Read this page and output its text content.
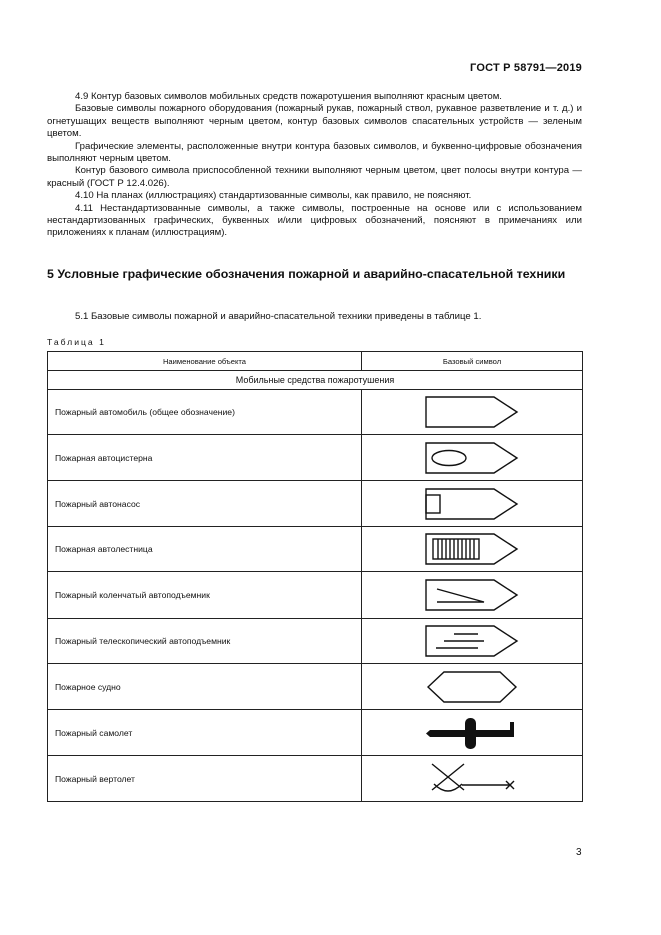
ГОСТ Р 58791—2019

4.9 Контур базовых символов мобильных средств пожаротушения выполняют красным цветом.

Базовые символы пожарного оборудования (пожарный рукав, пожарный ствол, рукавное разветвление и т. д.) и огнетушащих веществ выполняют черным цветом, контур базовых символов спасательных устройств — зеленым цветом.

Графические элементы, расположенные внутри контура базовых символов, и буквенно-цифровые обозначения выполняют черным цветом.

Контур базового символа приспособленной техники выполняют черным цветом, цвет полосы внутри контура — красный (ГОСТ Р 12.4.026).

4.10 На планах (иллюстрациях) стандартизованные символы, как правило, не поясняют.

4.11 Нестандартизованные символы, а также символы, построенные на основе или с использованием нестандартизованных графических, буквенных и/или цифровых обозначений, поясняют в примечаниях или приложениях к планам (иллюстрациям).

5 Условные графические обозначения пожарной и аварийно-спасательной техники
5.1 Базовые символы пожарной и аварийно-спасательной техники приведены в таблице 1.
Таблица 1
Наименование объекта	Базовый символ
Мобильные средства пожаротушения	
Пожарный автомобиль (общее обозначение)	

Пожарная автоцистерна	

Пожарный автонасос	

Пожарная автолестница	

Пожарный коленчатый автоподъемник	

Пожарный телескопический автоподъемник	

Пожарное судно	

Пожарный самолет	

Пожарный вертолет	
3
